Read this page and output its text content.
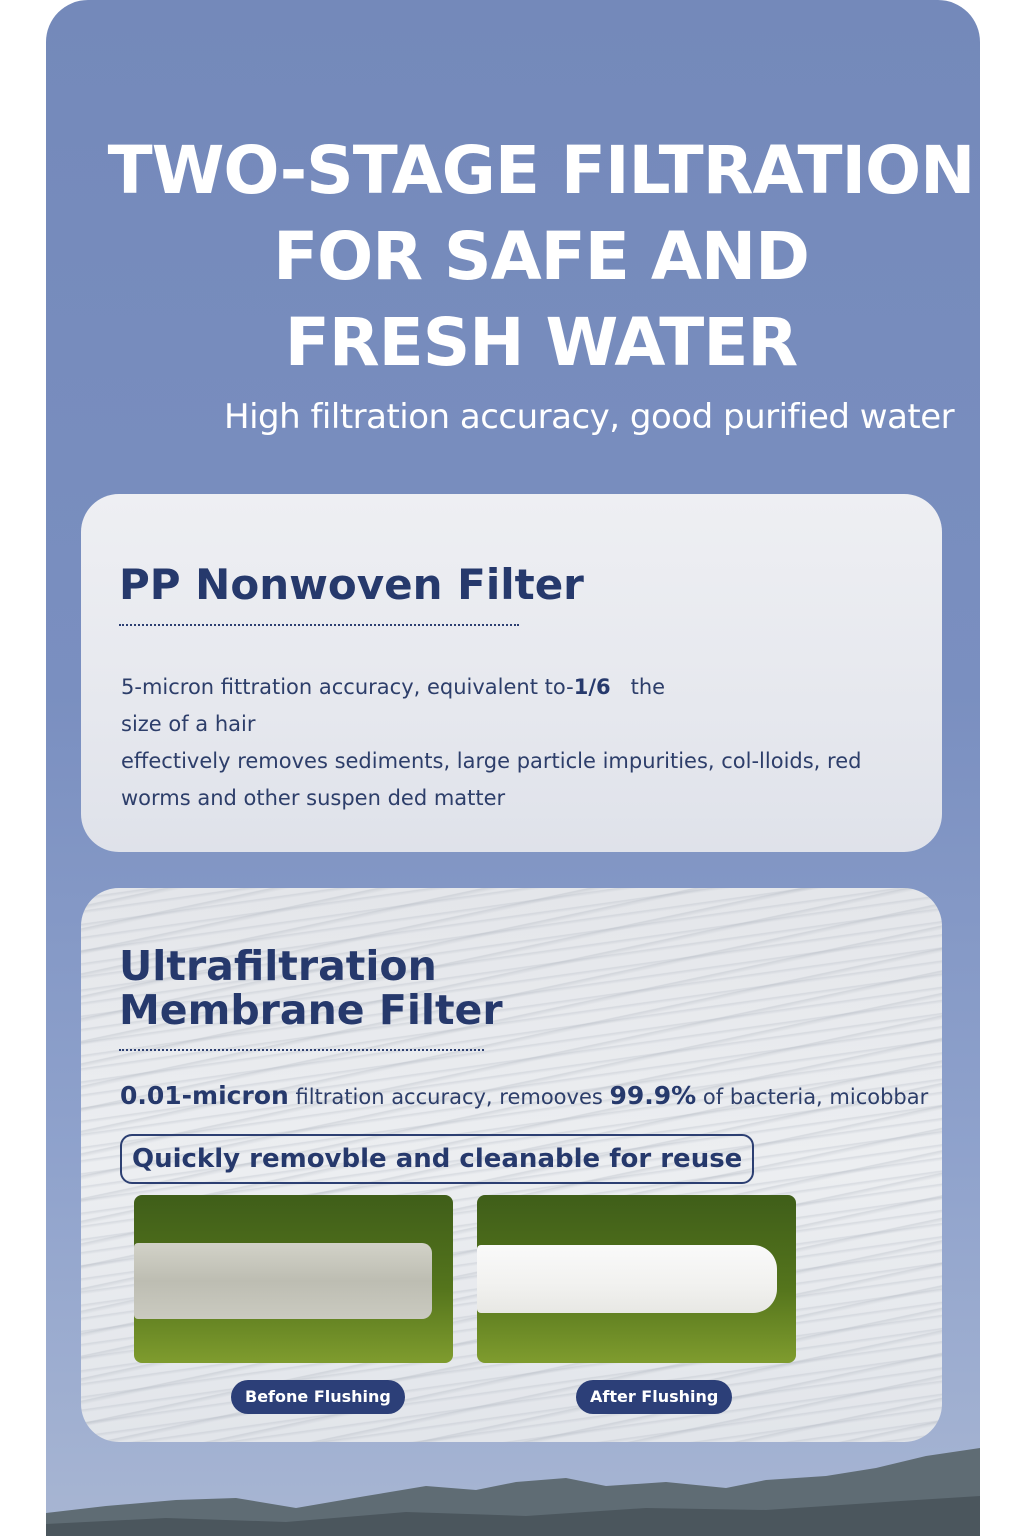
TWO-STAGE FILTRATION
FOR SAFE AND
FRESH WATER
High filtration accuracy, good purified water
PP Nonwoven Filter
5-micron fittration accuracy, equivalent to-1/6   the
size of a hair
effectively removes sediments, large particle impurities, col-lloids, red
worms and other suspen ded matter
Ultrafiltration
Membrane Filter
0.01-micron filtration accuracy, remooves 99.9% of bacteria, micobbar
Quickly removble and cleanable for reuse
Befone Flushing	After Flushing
